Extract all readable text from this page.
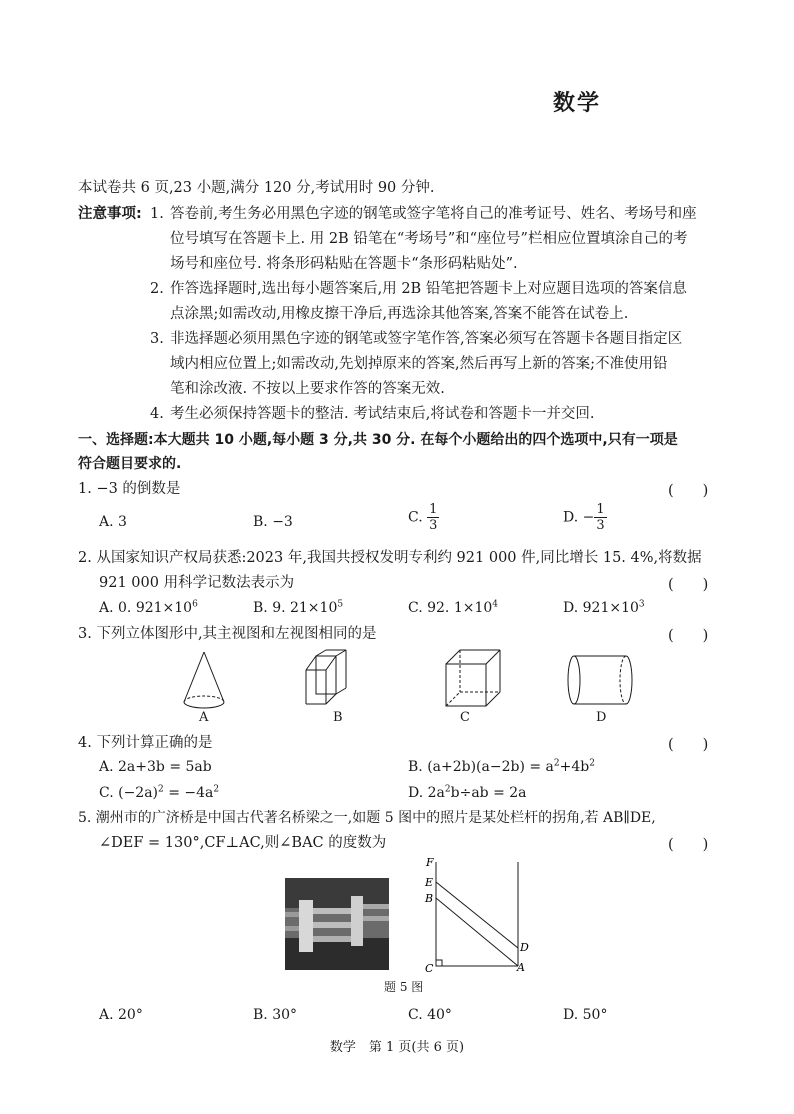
数学
本试卷共 6 页,23 小题,满分 120 分,考试用时 90 分钟.
注意事项: 1. 答卷前,考生务必用黑色字迹的钢笔或签字笔将自己的准考证号、姓名、考场号和座
位号填写在答题卡上. 用 2B 铅笔在“考场号”和“座位号”栏相应位置填涂自己的考
场号和座位号. 将条形码粘贴在答题卡“条形码粘贴处”.
2. 作答选择题时,选出每小题答案后,用 2B 铅笔把答题卡上对应题目选项的答案信息
点涂黑;如需改动,用橡皮擦干净后,再选涂其他答案,答案不能答在试卷上.
3. 非选择题必须用黑色字迹的钢笔或签字笔作答,答案必须写在答题卡各题目指定区
域内相应位置上;如需改动,先划掉原来的答案,然后再写上新的答案;不准使用铅
笔和涂改液. 不按以上要求作答的答案无效.
4. 考生必须保持答题卡的整洁. 考试结束后,将试卷和答题卡一并交回.
一、选择题:本大题共 10 小题,每小题 3 分,共 30 分. 在每个小题给出的四个选项中,只有一项是
符合题目要求的.
1. −3 的倒数是	(　　)
A. 3	B. −3	C. $\frac{1}{3}$	D. − $\frac{1}{3}$
2. 从国家知识产权局获悉:2023 年,我国共授权发明专利约 921 000 件,同比增长 15. 4%,将数据
921 000 用科学记数法表示为	(　　)
A. 0. $921\times 10^6$	B. 9. $21\times 10^5$	C. 92. $1\times 10^4$	D. $921\times 10^3$
3. 下列立体图形中,其主视图和左视图相同的是	(　　)
A	B	C	D
4. 下列计算正确的是	(　　)
A. 2a+3b = 5ab	B. $(a+2b)(a-2b) = a^2+4b^2$
C. $(-2a)^2 = -4a^2$	D. $2a^2b\div ab = 2a$
5. 潮州市的广济桥是中国古代著名桥梁之一,如题 5 图中的照片是某处栏杆的拐角,若 AB∥DE,
∠DEF = 130°,CF⊥AC,则∠BAC 的度数为	(　　)
F
E
B
D
C	A
题 5 图
A. 20°	B. 30°	C. 40°	D. 50°
数学　第 1 页(共 6 页)
